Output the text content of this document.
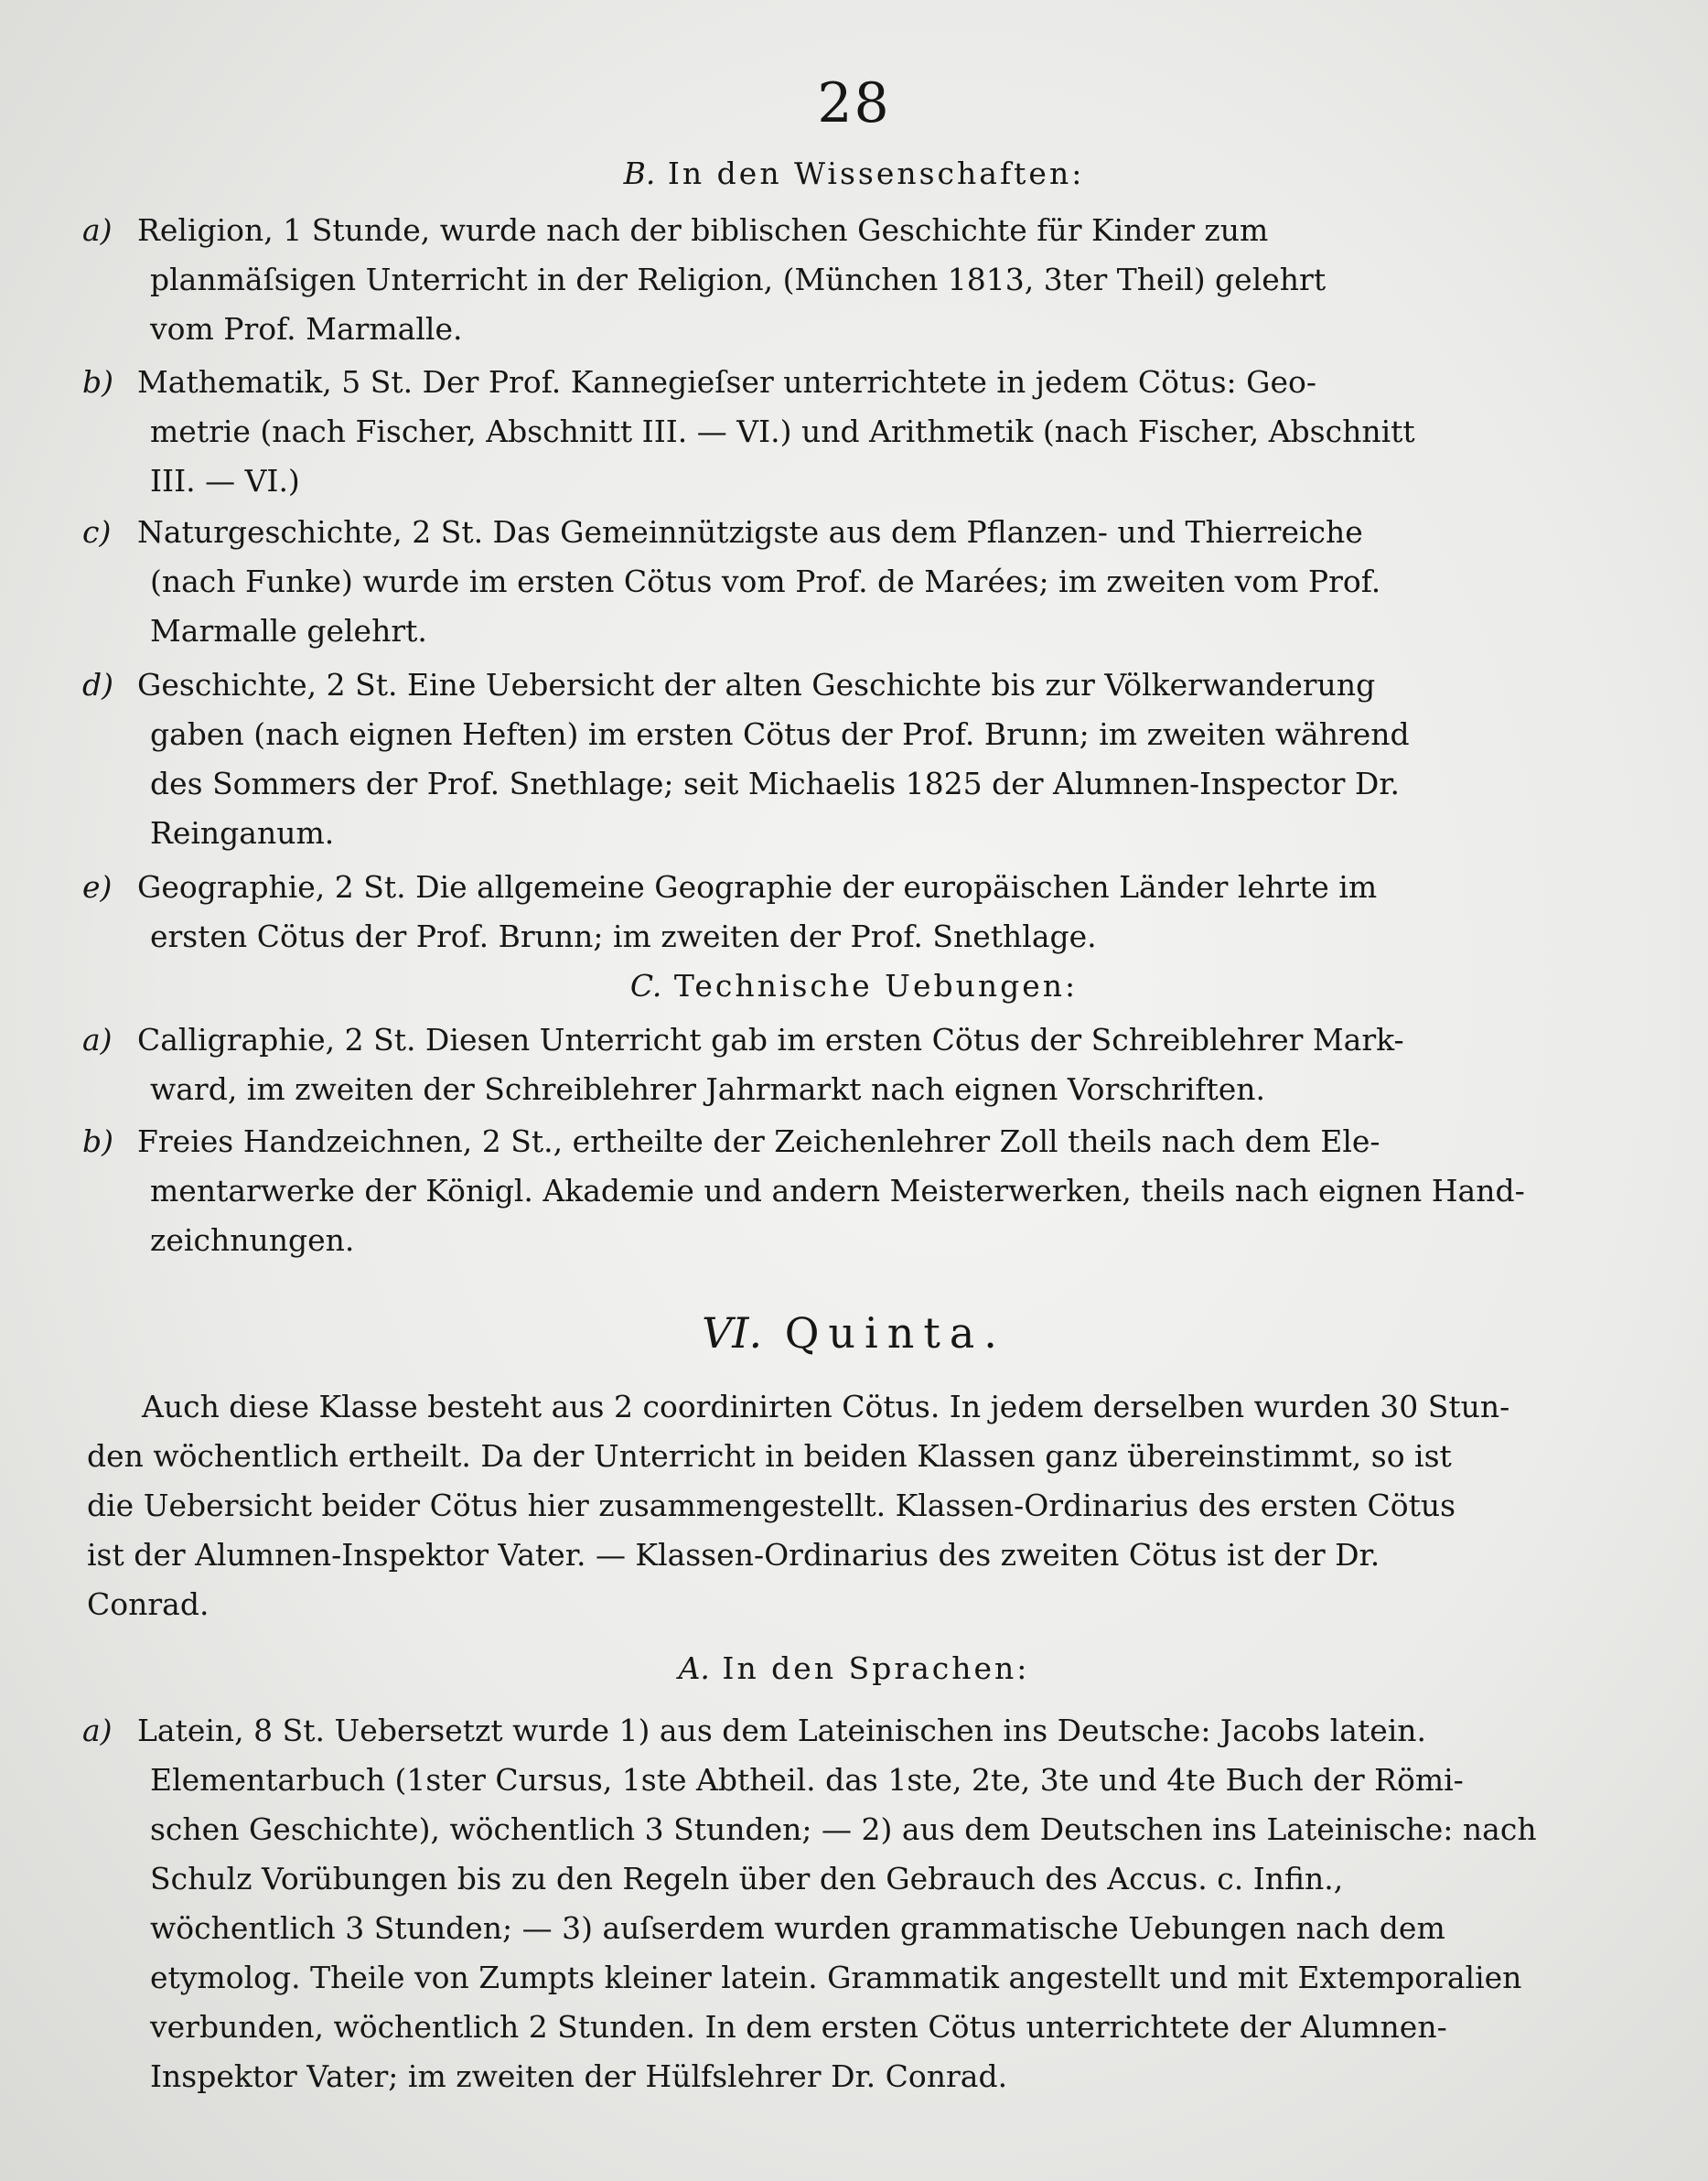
28
B. In den Wissenschaften:
a) Religion, 1 Stunde, wurde nach der biblischen Geschichte für Kinder zum
planmäſsigen Unterricht in der Religion, (München 1813, 3ter Theil) gelehrt
vom Prof. Marmalle.
b) Mathematik, 5 St. Der Prof. Kannegieſser unterrichtete in jedem Cötus: Geo-
metrie (nach Fischer, Abschnitt III. — VI.) und Arithmetik (nach Fischer, Abschnitt
III. — VI.)
c) Naturgeschichte, 2 St. Das Gemeinnützigste aus dem Pflanzen- und Thierreiche
(nach Funke) wurde im ersten Cötus vom Prof. de Marées; im zweiten vom Prof.
Marmalle gelehrt.
d) Geschichte, 2 St. Eine Uebersicht der alten Geschichte bis zur Völkerwanderung
gaben (nach eignen Heften) im ersten Cötus der Prof. Brunn; im zweiten während
des Sommers der Prof. Snethlage; seit Michaelis 1825 der Alumnen-Inspector Dr.
Reinganum.
e) Geographie, 2 St. Die allgemeine Geographie der europäischen Länder lehrte im
ersten Cötus der Prof. Brunn; im zweiten der Prof. Snethlage.
C. Technische Uebungen:
a) Calligraphie, 2 St. Diesen Unterricht gab im ersten Cötus der Schreiblehrer Mark-
ward, im zweiten der Schreiblehrer Jahrmarkt nach eignen Vorschriften.
b) Freies Handzeichnen, 2 St., ertheilte der Zeichenlehrer Zoll theils nach dem Ele-
mentarwerke der Königl. Akademie und andern Meisterwerken, theils nach eignen Hand-
zeichnungen.
VI. Quinta.
Auch diese Klasse besteht aus 2 coordinirten Cötus. In jedem derselben wurden 30 Stun-
den wöchentlich ertheilt. Da der Unterricht in beiden Klassen ganz übereinstimmt, so ist
die Uebersicht beider Cötus hier zusammengestellt. Klassen-Ordinarius des ersten Cötus
ist der Alumnen-Inspektor Vater. — Klassen-Ordinarius des zweiten Cötus ist der Dr.
Conrad.
A. In den Sprachen:
a) Latein, 8 St. Uebersetzt wurde 1) aus dem Lateinischen ins Deutsche: Jacobs latein.
Elementarbuch (1ster Cursus, 1ste Abtheil. das 1ste, 2te, 3te und 4te Buch der Römi-
schen Geschichte), wöchentlich 3 Stunden; — 2) aus dem Deutschen ins Lateinische: nach
Schulz Vorübungen bis zu den Regeln über den Gebrauch des Accus. c. Infin.,
wöchentlich 3 Stunden; — 3) auſserdem wurden grammatische Uebungen nach dem
etymolog. Theile von Zumpts kleiner latein. Grammatik angestellt und mit Extemporalien
verbunden, wöchentlich 2 Stunden. In dem ersten Cötus unterrichtete der Alumnen-
Inspektor Vater; im zweiten der Hülfslehrer Dr. Conrad.
